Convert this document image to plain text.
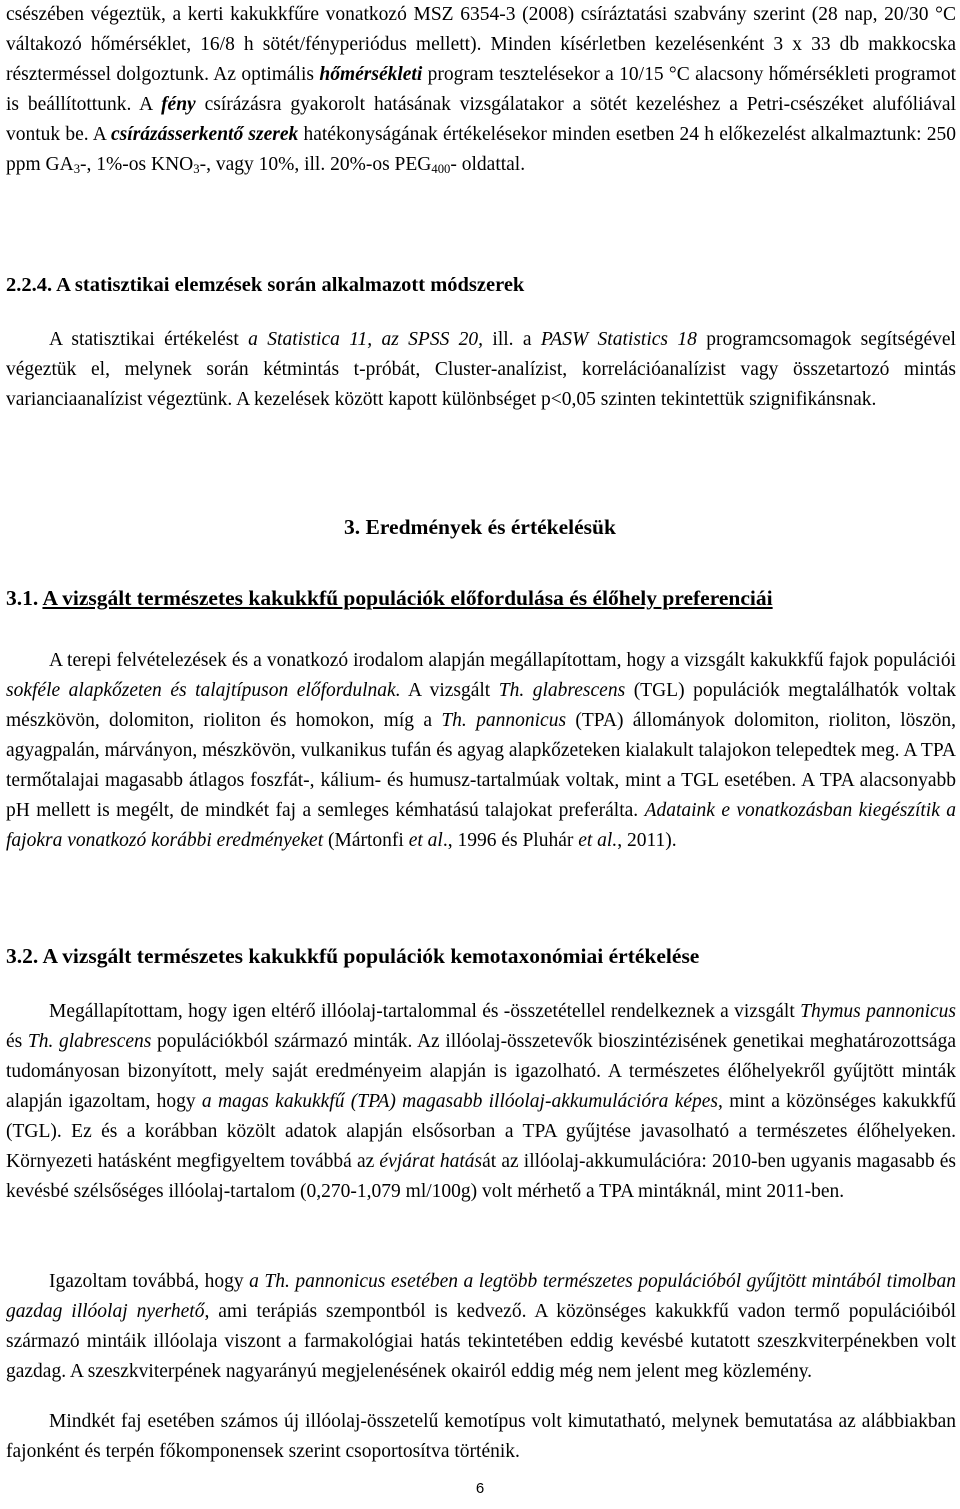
csészében végeztük, a kerti kakukkfűre vonatkozó MSZ 6354-3 (2008) csíráztatási szabvány szerint (28 nap, 20/30 °C váltakozó hőmérséklet, 16/8 h sötét/fényperiódus mellett). Minden kísérletben kezelésenként 3 x 33 db makkocska részterméssel dolgoztunk. Az optimális hőmérsékleti program tesztelésekor a 10/15 °C alacsony hőmérsékleti programot is beállítottunk. A fény csírázásra gyakorolt hatásának vizsgálatakor a sötét kezeléshez a Petri-csészéket alufóliával vontuk be. A csírázásserkentő szerek hatékonyságának értékelésekor minden esetben 24 h előkezelést alkalmaztunk: 250 ppm $GA_3-$, 1%-os $KNO_3-$, vagy 10%, ill. 20%-os $PEG_{400}-$ oldattal.

2.2.4. A statisztikai elemzések során alkalmazott módszerek

A statisztikai értékelést a Statistica 11, az SPSS 20, ill. a PASW Statistics 18 programcsomagok segítségével végeztük el, melynek során kétmintás t-próbát, Cluster-analízist, korrelációanalízist vagy összetartozó mintás varianciaanalízist végeztünk. A kezelések között kapott különbséget p<0,05 szinten tekintettük szignifikánsnak.

3. Eredmények és értékelésük

3.1. A vizsgált természetes kakukkfű populációk előfordulása és élőhely preferenciái

A terepi felvételezések és a vonatkozó irodalom alapján megállapítottam, hogy a vizsgált kakukkfű fajok populációi sokféle alapkőzeten és talajtípuson előfordulnak. A vizsgált Th. glabrescens (TGL) populációk megtalálhatók voltak mészkövön, dolomiton, rioliton és homokon, míg a Th. pannonicus (TPA) állományok dolomiton, rioliton, löszön, agyagpalán, márványon, mészkövön, vulkanikus tufán és agyag alapkőzeteken kialakult talajokon telepedtek meg. A TPA termőtalajai magasabb átlagos foszfát-, kálium- és humusz-tartalmúak voltak, mint a TGL esetében. A TPA alacsonyabb pH mellett is megélt, de mindkét faj a semleges kémhatású talajokat preferálta. Adataink e vonatkozásban kiegészítik a fajokra vonatkozó korábbi eredményeket (Mártonfi et al., 1996 és Pluhár et al., 2011).

3.2. A vizsgált természetes kakukkfű populációk kemotaxonómiai értékelése

Megállapítottam, hogy igen eltérő illóolaj-tartalommal és -összetétellel rendelkeznek a vizsgált Thymus pannonicus és Th. glabrescens populációkból származó minták. Az illóolaj-összetevők bioszintézisének genetikai meghatározottsága tudományosan bizonyított, mely saját eredményeim alapján is igazolható. A természetes élőhelyekről gyűjtött minták alapján igazoltam, hogy a magas kakukkfű (TPA) magasabb illóolaj-akkumulációra képes, mint a közönséges kakukkfű (TGL). Ez és a korábban közölt adatok alapján elsősorban a TPA gyűjtése javasolható a természetes élőhelyeken. Környezeti hatásként megfigyeltem továbbá az évjárat hatását az illóolaj-akkumulációra: 2010-ben ugyanis magasabb és kevésbé szélsőséges illóolaj-tartalom (0,270-1,079 ml/100g) volt mérhető a TPA mintáknál, mint 2011-ben.

Igazoltam továbbá, hogy a Th. pannonicus esetében a legtöbb természetes populációból gyűjtött mintából timolban gazdag illóolaj nyerhető, ami terápiás szempontból is kedvező. A közönséges kakukkfű vadon termő populációiból származó mintáik illóolaja viszont a farmakológiai hatás tekintetében eddig kevésbé kutatott szeszkviterpénekben volt gazdag. A szeszkviterpének nagyarányú megjelenésének okairól eddig még nem jelent meg közlemény.

Mindkét faj esetében számos új illóolaj-összetelű kemotípus volt kimutatható, melynek bemutatása az alábbiakban fajonként és terpén főkomponensek szerint csoportosítva történik.

6
